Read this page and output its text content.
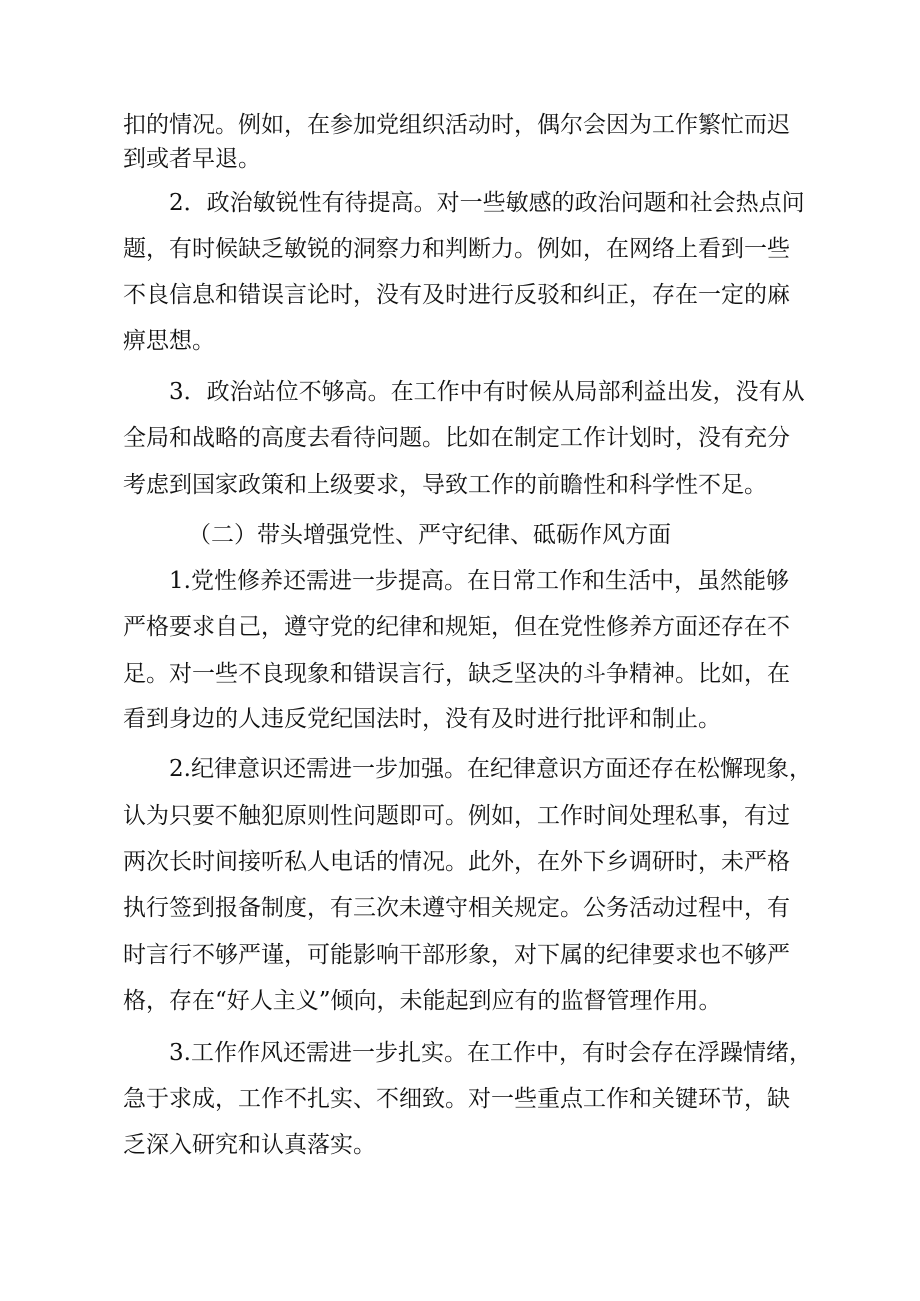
扣的情况。例如，在参加党组织活动时，偶尔会因为工作繁忙而迟
到或者早退。
2．政治敏锐性有待提高。对一些敏感的政治问题和社会热点问
题，有时候缺乏敏锐的洞察力和判断力。例如，在网络上看到一些
不良信息和错误言论时，没有及时进行反驳和纠正，存在一定的麻
痹思想。
3．政治站位不够高。在工作中有时候从局部利益出发，没有从
全局和战略的高度去看待问题。比如在制定工作计划时，没有充分
考虑到国家政策和上级要求，导致工作的前瞻性和科学性不足。
（二）带头增强党性、严守纪律、砥砺作风方面
1.党性修养还需进一步提高。在日常工作和生活中，虽然能够
严格要求自己，遵守党的纪律和规矩，但在党性修养方面还存在不
足。对一些不良现象和错误言行，缺乏坚决的斗争精神。比如，在
看到身边的人违反党纪国法时，没有及时进行批评和制止。
2.纪律意识还需进一步加强。在纪律意识方面还存在松懈现象，
认为只要不触犯原则性问题即可。例如，工作时间处理私事，有过
两次长时间接听私人电话的情况。此外，在外下乡调研时，未严格
执行签到报备制度，有三次未遵守相关规定。公务活动过程中，有
时言行不够严谨，可能影响干部形象，对下属的纪律要求也不够严
格，存在“好人主义”倾向，未能起到应有的监督管理作用。
3.工作作风还需进一步扎实。在工作中，有时会存在浮躁情绪，
急于求成，工作不扎实、不细致。对一些重点工作和关键环节，缺
乏深入研究和认真落实。
